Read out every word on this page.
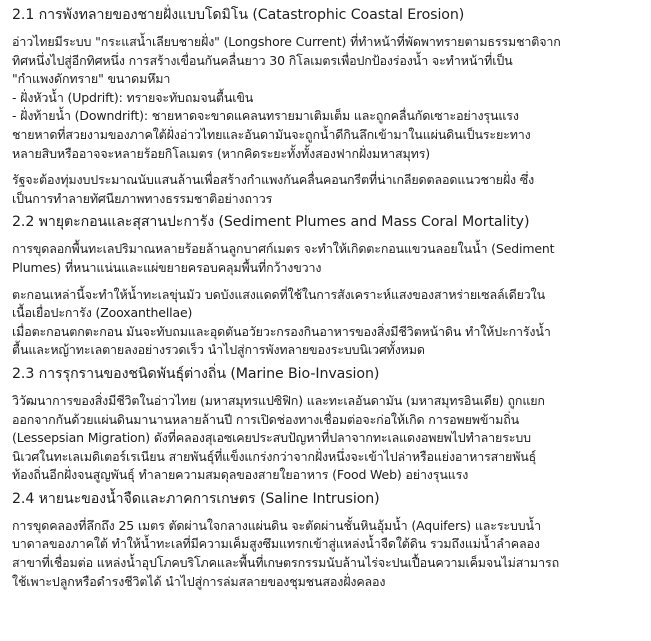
2.1 การพังทลายของชายฝั่งแบบโดมิโน (Catastrophic Coastal Erosion)

อ่าวไทยมีระบบ "กระแสน้ำเลียบชายฝั่ง" (Longshore Current) ที่ทำหน้าที่พัดพาทรายตามธรรมชาติจาก
ทิศหนึ่งไปสู่อีกทิศหนึ่ง การสร้างเขื่อนกันคลื่นยาว 30 กิโลเมตรเพื่อปกป้องร่องน้ำ จะทำหน้าที่เป็น
"กำแพงดักทราย" ขนาดมหึมา
- ฝั่งหัวน้ำ (Updrift): ทรายจะทับถมจนตื้นเขิน
- ฝั่งท้ายน้ำ (Downdrift): ชายหาดจะขาดแคลนทรายมาเติมเต็ม และถูกคลื่นกัดเซาะอย่างรุนแรง
ชายหาดที่สวยงามของภาคใต้ฝั่งอ่าวไทยและอันดามันจะถูกน้ำดีกินลึกเข้ามาในแผ่นดินเป็นระยะทาง
หลายสิบหรืออาจจะหลายร้อยกิโลเมตร (หากคิดระยะทั้งทั้งสองฟากฝั่งมหาสมุทร)

รัฐจะต้องทุ่มงบประมาณนับแสนล้านเพื่อสร้างกำแพงกันคลื่นคอนกรีตที่น่าเกลียดตลอดแนวชายฝั่ง ซึ่ง
เป็นการทำลายทัศนียภาพทางธรรมชาติอย่างถาวร

2.2 พายุตะกอนและสุสานปะการัง (Sediment Plumes and Mass Coral Mortality)

การขุดลอกพื้นทะเลปริมาณหลายร้อยล้านลูกบาศก์เมตร จะทำให้เกิดตะกอนแขวนลอยในน้ำ (Sediment
Plumes) ที่หนาแน่นและแผ่ขยายครอบคลุมพื้นที่กว้างขวาง

ตะกอนเหล่านี้จะทำให้น้ำทะเลขุ่นมัว บดบังแสงแดดที่ใช้ในการสังเคราะห์แสงของสาหร่ายเซลล์เดียวใน
เนื้อเยื่อปะการัง (Zooxanthellae)
เมื่อตะกอนตกตะกอน มันจะทับถมและอุดตันอวัยวะกรองกินอาหารของสิ่งมีชีวิตหน้าดิน ทำให้ปะการังน้ำ
ตื้นและหญ้าทะเลตายลงอย่างรวดเร็ว นำไปสู่การพังทลายของระบบนิเวศทั้งหมด

2.3 การรุกรานของชนิดพันธุ์ต่างถิ่น (Marine Bio-Invasion)

วิวัฒนาการของสิ่งมีชีวิตในอ่าวไทย (มหาสมุทรแปซิฟิก) และทะเลอันดามัน (มหาสมุทรอินเดีย) ถูกแยก
ออกจากกันด้วยแผ่นดินมานานหลายล้านปี การเปิดช่องทางเชื่อมต่อจะก่อให้เกิด การอพยพข้ามถิ่น
(Lessepsian Migration) ดังที่คลองสุเอซเคยประสบปัญหาที่ปลาจากทะเลแดงอพยพไปทำลายระบบ
นิเวศในทะเลเมดิเตอร์เรเนียน สายพันธุ์ที่แข็งแกร่งกว่าจากฝั่งหนึ่งจะเข้าไปล่าหรือแย่งอาหารสายพันธุ์
ท้องถิ่นอีกฝั่งจนสูญพันธุ์ ทำลายความสมดุลของสายใยอาหาร (Food Web) อย่างรุนแรง

2.4 หายนะของน้ำจืดและภาคการเกษตร (Saline Intrusion)

การขุดคลองที่ลึกถึง 25 เมตร ตัดผ่านใจกลางแผ่นดิน จะตัดผ่านชั้นหินอุ้มน้ำ (Aquifers) และระบบน้ำ
บาดาลของภาคใต้ ทำให้น้ำทะเลที่มีความเค็มสูงซึมแทรกเข้าสู่แหล่งน้ำจืดใต้ดิน รวมถึงแม่น้ำลำคลอง
สาขาที่เชื่อมต่อ แหล่งน้ำอุปโภคบริโภคและพื้นที่เกษตรกรรมนับล้านไร่จะปนเปื้อนความเค็มจนไม่สามารถ
ใช้เพาะปลูกหรือดำรงชีวิตได้ นำไปสู่การล่มสลายของชุมชนสองฝั่งคลอง
